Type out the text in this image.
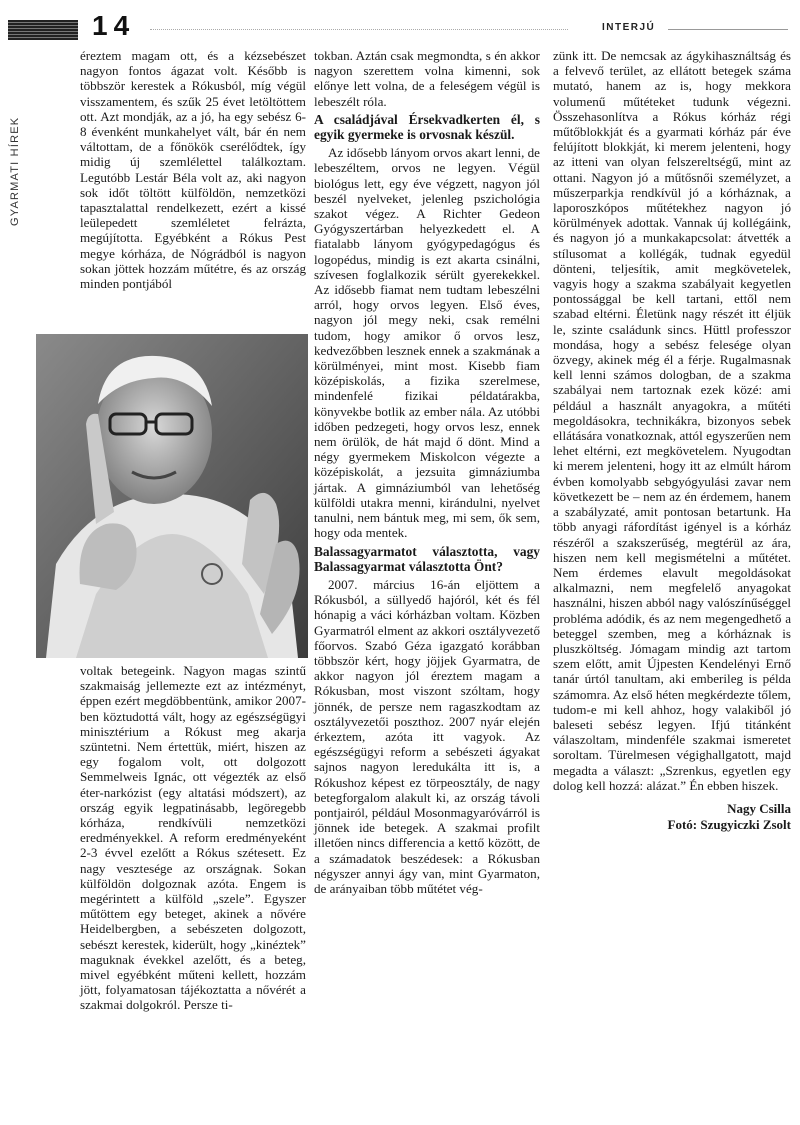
14	INTERJÚ
GYARMATI HÍREK

éreztem magam ott, és a kézsebészet nagyon fontos ágazat volt. Később is többször kerestek a Rókusból, míg végül visszamentem, és szűk 25 évet letöltöttem ott. Azt mondják, az a jó, ha egy sebész 6-8 évenként munkahelyet vált, bár én nem váltottam, de a főnökök cserélődtek, így midig új szemlélettel találkoztam. Legutóbb Lestár Béla volt az, aki nagyon sok időt töltött külföldön, nemzetközi tapasztalattal rendelkezett, ezért a kissé leülepedett szemléletet felrázta, megújította. Egyébként a Rókus Pest megye kórháza, de Nógrádból is nagyon sokan jöttek hozzám műtétre, és az ország minden pontjából

voltak betegeink. Nagyon magas szintű szakmaiság jellemezte ezt az intézményt, éppen ezért megdöbbentünk, amikor 2007-ben köztudottá vált, hogy az egészségügyi minisztérium a Rókust meg akarja szüntetni. Nem értettük, miért, hiszen az egy fogalom volt, ott dolgozott Semmelweis Ignác, ott végezték az első éter-narkózist (egy altatási módszert), az ország egyik legpatinásabb, legöregebb kórháza, rendkívüli nemzetközi eredményekkel. A reform eredményeként 2-3 évvel ezelőtt a Rókus szétesett. Ez nagy vesztesége az országnak. Sokan külföldön dolgoznak azóta. Engem is megérintett a külföld „szele”. Egyszer műtöttem egy beteget, akinek a nővére Heidelbergben, a sebészeten dolgozott, sebészt kerestek, kiderült, hogy „kinéztek” maguknak évekkel azelőtt, és a beteg, mivel egyébként műteni kellett, hozzám jött, folyamatosan tájékoztatta a nővérét a szakmai dolgokról. Persze ti-

tokban. Aztán csak megmondta, s én akkor nagyon szerettem volna kimenni, sok előnye lett volna, de a feleségem végül is lebeszélt róla.

A családjával Érsekvadkerten él, s egyik gyermeke is orvosnak készül.

Az idősebb lányom orvos akart lenni, de lebeszéltem, orvos ne legyen. Végül biológus lett, egy éve végzett, nagyon jól beszél nyelveket, jelenleg pszichológia szakot végez. A Richter Gedeon Gyógyszertárban helyezkedett el. A fiatalabb lányom gyógypedagógus és logopédus, mindig is ezt akarta csinálni, szívesen foglalkozik sérült gyerekekkel. Az idősebb fiamat nem tudtam lebeszélni arról, hogy orvos legyen. Első éves, nagyon jól megy neki, csak remélni tudom, hogy amikor ő orvos lesz, kedvezőbben lesznek ennek a szakmának a körülményei, mint most. Kisebb fiam középiskolás, a fizika szerelmese, mindenfelé fizikai példatárakba, könyvekbe botlik az ember nála. Az utóbbi időben pedzegeti, hogy orvos lesz, ennek nem örülök, de hát majd ő dönt. Mind a négy gyermekem Miskolcon végezte a középiskolát, a jezsuita gimnáziumba jártak. A gimnáziumból van lehetőség külföldi utakra menni, kirándulni, nyelvet tanulni, nem bántuk meg, mi sem, ők sem, hogy oda mentek.

Balassagyarmatot választotta, vagy Balassagyarmat választotta Önt?

2007. március 16-án eljöttem a Rókusból, a süllyedő hajóról, két és fél hónapig a váci kórházban voltam. Közben Gyarmatról elment az akkori osztályvezető főorvos. Szabó Géza igazgató korábban többször kért, hogy jöjjek Gyarmatra, de akkor nagyon jól éreztem magam a Rókusban, most viszont szóltam, hogy jönnék, de persze nem ragaszkodtam az osztályvezetői poszthoz. 2007 nyár elején érkeztem, azóta itt vagyok. Az egészségügyi reform a sebészeti ágyakat sajnos nagyon leredukálta itt is, a Rókushoz képest ez törpeosztály, de nagy betegforgalom alakult ki, az ország távoli pontjairól, például Mosonmagyaróvárról is jönnek ide betegek. A szakmai profilt illetően nincs differencia a kettő között, de a számadatok beszédesek: a Rókusban négyszer annyi ágy van, mint Gyarmaton, de arányaiban több műtétet vég-

zünk itt. De nemcsak az ágykihasználtság és a felvevő terület, az ellátott betegek száma mutató, hanem az is, hogy mekkora volumenű műtéteket tudunk végezni. Összehasonlítva a Rókus kórház régi műtőblokkját és a gyarmati kórház pár éve felújított blokkját, ki merem jelenteni, hogy az itteni van olyan felszereltségű, mint az ottani. Nagyon jó a műtősnői személyzet, a műszerparkja rendkívül jó a kórháznak, a laporoszkópos műtétekhez nagyon jó körülmények adottak. Vannak új kollégáink, és nagyon jó a munkakapcsolat: átvették a stílusomat a kollégák, tudnak egyedül dönteni, teljesítik, amit megkövetelek, vagyis hogy a szakma szabályait kegyetlen pontossággal be kell tartani, ettől nem szabad eltérni. Életünk nagy részét itt éljük le, szinte családunk sincs. Hüttl professzor mondása, hogy a sebész felesége olyan özvegy, akinek még él a férje. Rugalmasnak kell lenni számos dologban, de a szakma szabályai nem tartoznak ezek közé: ami például a használt anyagokra, a műtéti megoldásokra, technikákra, bizonyos sebek ellátására vonatkoznak, attól egyszerűen nem lehet eltérni, ezt megkövetelem. Nyugodtan ki merem jelenteni, hogy itt az elmúlt három évben komolyabb sebgyógyulási zavar nem következett be – nem az én érdemem, hanem a szabályzaté, amit pontosan betartunk. Ha több anyagi ráfordítást igényel is a kórház részéről a szakszerűség, megtérül az ára, hiszen nem kell megismételni a műtétet. Nem érdemes elavult megoldásokat alkalmazni, nem megfelelő anyagokat használni, hiszen abból nagy valószínűséggel probléma adódik, és az nem megengedhető a beteggel szemben, meg a kórháznak is pluszköltség. Jómagam mindig azt tartom szem előtt, amit Újpesten Kendelényi Ernő tanár úrtól tanultam, aki emberileg is példa számomra. Az első héten megkérdezte tőlem, tudom-e mi kell ahhoz, hogy valakiből jó baleseti sebész legyen. Ifjú titánként válaszoltam, mindenféle szakmai ismeretet soroltam. Türelmesen végighallgatott, majd megadta a választ: „Szrenkus, egyetlen egy dolog kell hozzá: alázat.” Én ebben hiszek.

Nagy Csilla
Fotó: Szugyiczki Zsolt
